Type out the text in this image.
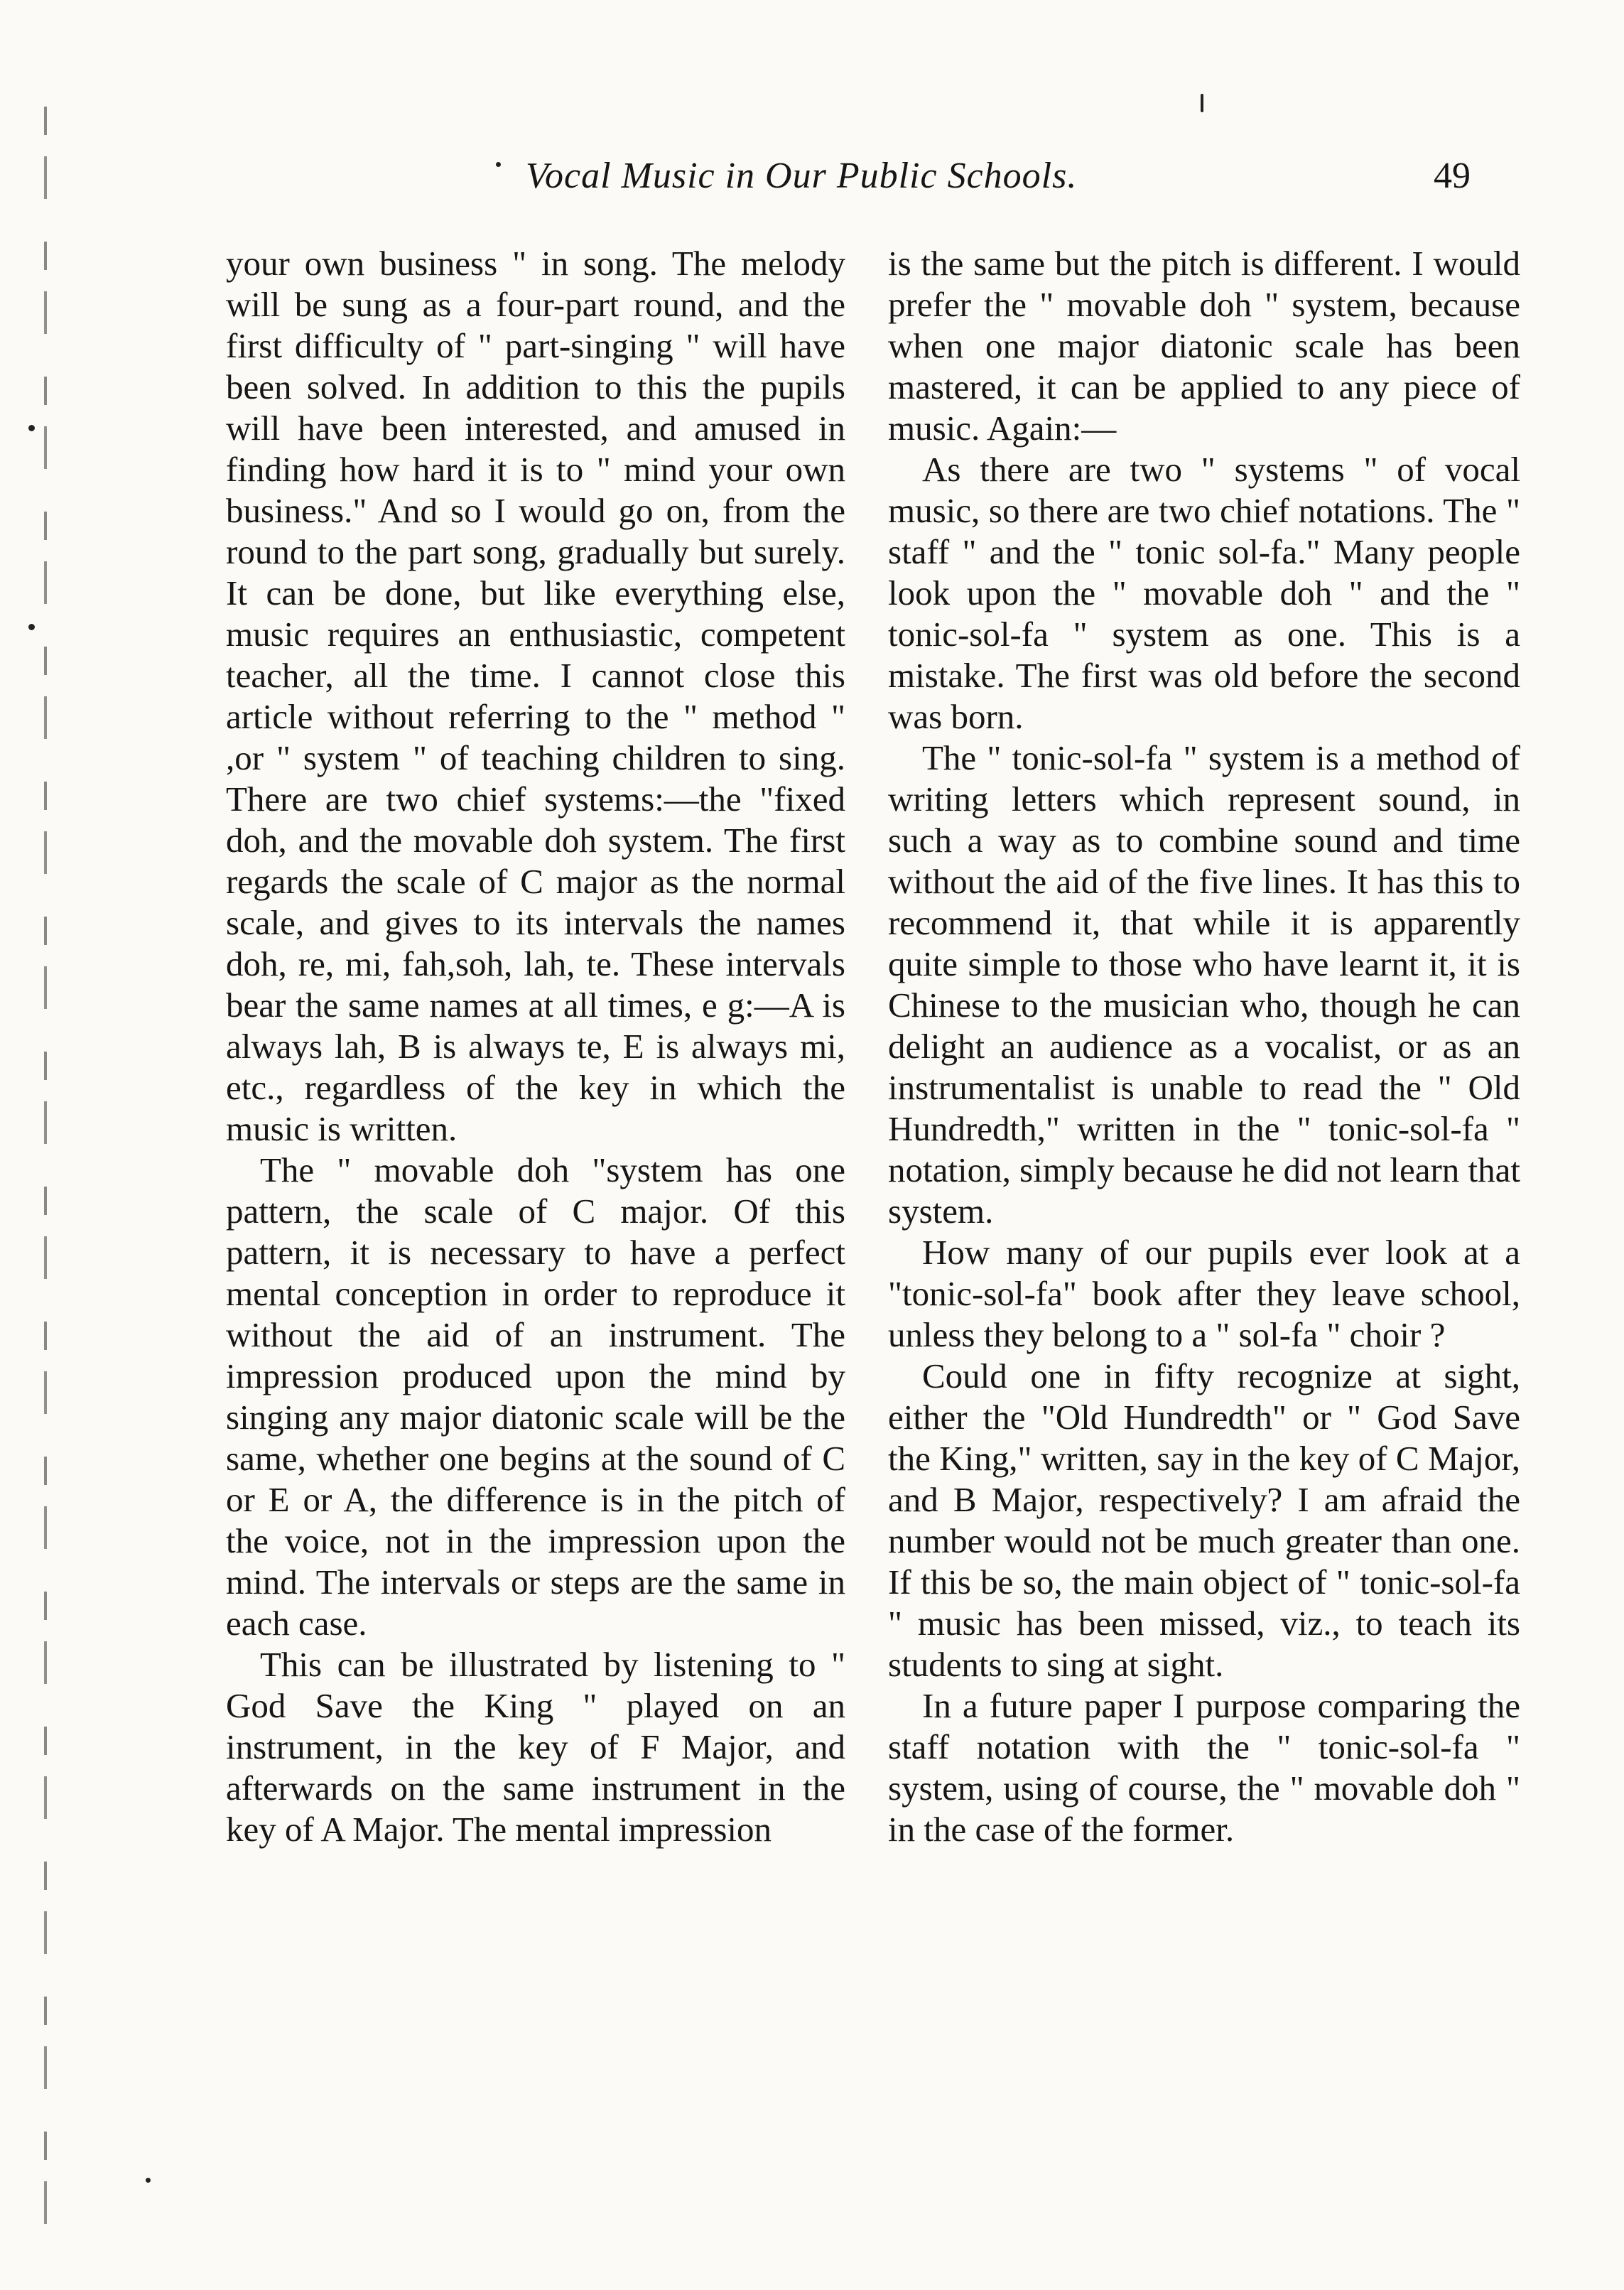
Vocal Music in Our Public Schools.	49

your own business " in song. The melody will be sung as a four-part round, and the first difficulty of " part-singing " will have been solved. In addition to this the pupils will have been interested, and amused in finding how hard it is to " mind your own business." And so I would go on, from the round to the part song, gradually but surely. It can be done, but like everything else, music requires an enthusiastic, competent teacher, all the time. I cannot close this article without referring to the " method " ,or " system " of teaching children to sing. There are two chief systems:—the "fixed doh, and the movable doh system. The first regards the scale of C major as the normal scale, and gives to its intervals the names doh, re, mi, fah,soh, lah, te. These intervals bear the same names at all times, e g:—A is always lah, B is always te, E is always mi, etc., regardless of the key in which the music is written.

The " movable doh "system has one pattern, the scale of C major. Of this pattern, it is necessary to have a perfect mental conception in order to reproduce it without the aid of an instrument. The impression produced upon the mind by singing any major diatonic scale will be the same, whether one begins at the sound of C or E or A, the difference is in the pitch of the voice, not in the impression upon the mind. The intervals or steps are the same in each case.

This can be illustrated by listening to " God Save the King " played on an instrument, in the key of F Major, and afterwards on the same instrument in the key of A Major. The mental impression

is the same but the pitch is different. I would prefer the " movable doh " system, because when one major diatonic scale has been mastered, it can be applied to any piece of music. Again:—

As there are two " systems " of vocal music, so there are two chief notations. The " staff " and the " tonic sol-fa." Many people look upon the " movable doh " and the " tonic-sol-fa " system as one. This is a mistake. The first was old before the second was born.

The " tonic-sol-fa " system is a method of writing letters which represent sound, in such a way as to combine sound and time without the aid of the five lines. It has this to recommend it, that while it is apparently quite simple to those who have learnt it, it is Chinese to the musician who, though he can delight an audience as a vocalist, or as an instrumentalist is unable to read the " Old Hundredth," written in the " tonic-sol-fa " notation, simply because he did not learn that system.

How many of our pupils ever look at a "tonic-sol-fa" book after they leave school, unless they belong to a " sol-fa " choir ?

Could one in fifty recognize at sight, either the "Old Hundredth" or " God Save the King," written, say in the key of C Major, and B Major, respectively? I am afraid the number would not be much greater than one. If this be so, the main object of " tonic-sol-fa " music has been missed, viz., to teach its students to sing at sight.

In a future paper I purpose comparing the staff notation with the " tonic-sol-fa " system, using of course, the " movable doh " in the case of the former.
